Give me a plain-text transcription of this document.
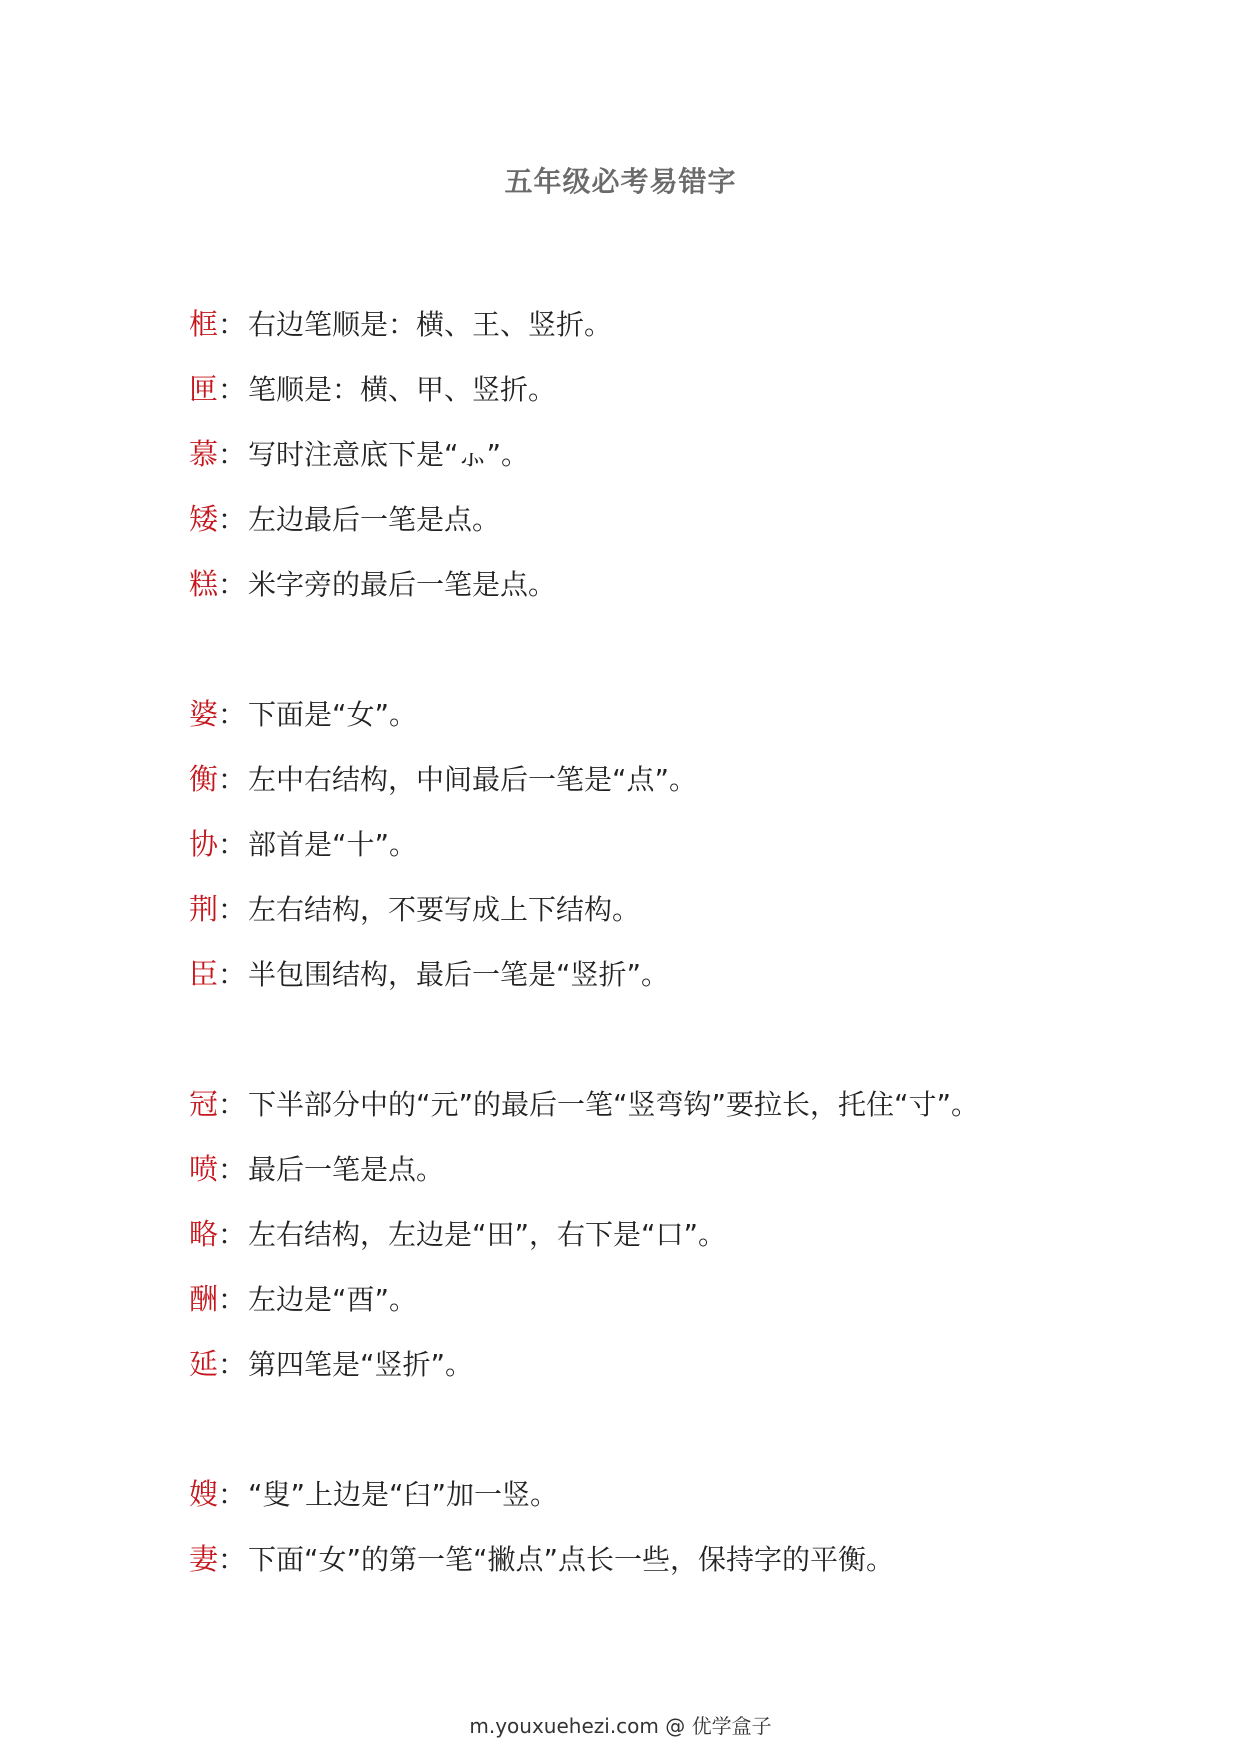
五年级必考易错字
框 ： 右边笔顺是：横、王、竖折。
匣 ： 笔顺是：横、甲、竖折。
慕 ： 写时注意底下是“⺗”。
矮 ： 左边最后一笔是点。
糕 ： 米字旁的最后一笔是点。
婆 ： 下面是“女”。
衡 ： 左中右结构，中间最后一笔是“点”。
协 ： 部首是“十”。
荆 ： 左右结构，不要写成上下结构。
臣 ： 半包围结构，最后一笔是“竖折”。
冠 ： 下半部分中的“元”的最后一笔“竖弯钩”要拉长，托住“寸”。
喷 ： 最后一笔是点。
略 ： 左右结构，左边是“田”，右下是“口”。
酬 ： 左边是“酉”。
延 ： 第四笔是“竖折”。
嫂 ： “叟”上边是“臼”加一竖。
妻 ： 下面“女”的第一笔“撇点”点长一些，保持字的平衡。
m.youxuehezi.com @ 优学盒子
